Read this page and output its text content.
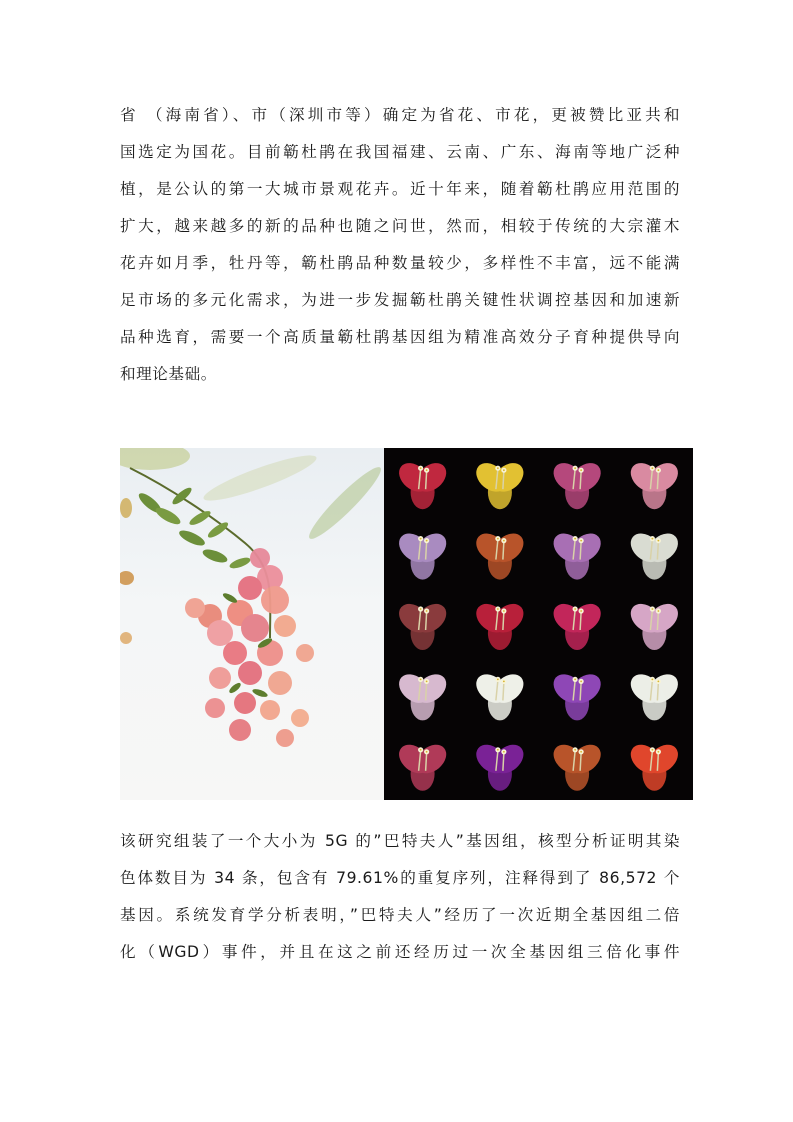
省 （海南省）、市（深圳市等）确定为省花、市花，更被赞比亚共和
国选定为国花。目前簕杜鹃在我国福建、云南、广东、海南等地广泛种
植，是公认的第一大城市景观花卉。近十年来，随着簕杜鹃应用范围的
扩大，越来越多的新的品种也随之问世，然而，相较于传统的大宗灌木
花卉如月季，牡丹等，簕杜鹃品种数量较少，多样性不丰富，远不能满
足市场的多元化需求，为进一步发掘簕杜鹃关键性状调控基因和加速新
品种选育，需要一个高质量簕杜鹃基因组为精准高效分子育种提供导向
和理论基础。
该研究组装了一个大小为 5G 的”巴特夫人”基因组，核型分析证明其染
色体数目为 34 条，包含有 79.61%的重复序列，注释得到了 86,572 个
基因。系统发育学分析表明，”巴特夫人”经历了一次近期全基因组二倍
化（WGD）事件，并且在这之前还经历过一次全基因组三倍化事件
